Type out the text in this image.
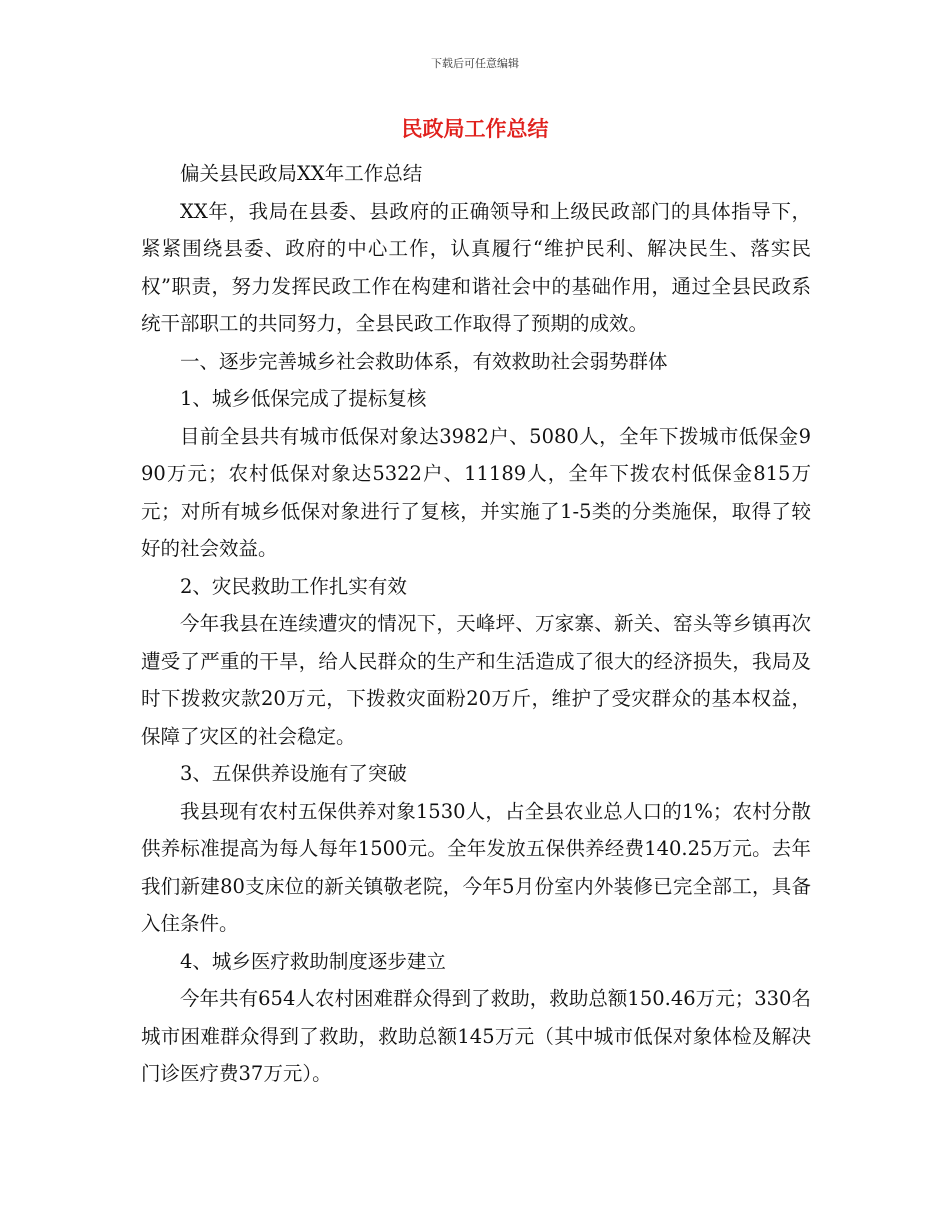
下载后可任意编辑
民政局工作总结

偏关县民政局XX年工作总结

XX年，我局在县委、县政府的正确领导和上级民政部门的具体指导下，紧紧围绕县委、政府的中心工作，认真履行“维护民利、解决民生、落实民权”职责，努力发挥民政工作在构建和谐社会中的基础作用，通过全县民政系统干部职工的共同努力，全县民政工作取得了预期的成效。

一、逐步完善城乡社会救助体系，有效救助社会弱势群体

1、城乡低保完成了提标复核

目前全县共有城市低保对象达3982户、5080人，全年下拨城市低保金990万元；农村低保对象达5322户、11189人，全年下拨农村低保金815万元；对所有城乡低保对象进行了复核，并实施了1-5类的分类施保，取得了较好的社会效益。

2、灾民救助工作扎实有效

今年我县在连续遭灾的情况下，天峰坪、万家寨、新关、窑头等乡镇再次遭受了严重的干旱，给人民群众的生产和生活造成了很大的经济损失，我局及时下拨救灾款20万元，下拨救灾面粉20万斤，维护了受灾群众的基本权益，保障了灾区的社会稳定。

3、五保供养设施有了突破

我县现有农村五保供养对象1530人，占全县农业总人口的1%；农村分散供养标准提高为每人每年1500元。全年发放五保供养经费140.25万元。去年我们新建80支床位的新关镇敬老院，今年5月份室内外装修已完全部工，具备入住条件。

4、城乡医疗救助制度逐步建立

今年共有654人农村困难群众得到了救助，救助总额150.46万元；330名城市困难群众得到了救助，救助总额145万元（其中城市低保对象体检及解决门诊医疗费37万元）。
